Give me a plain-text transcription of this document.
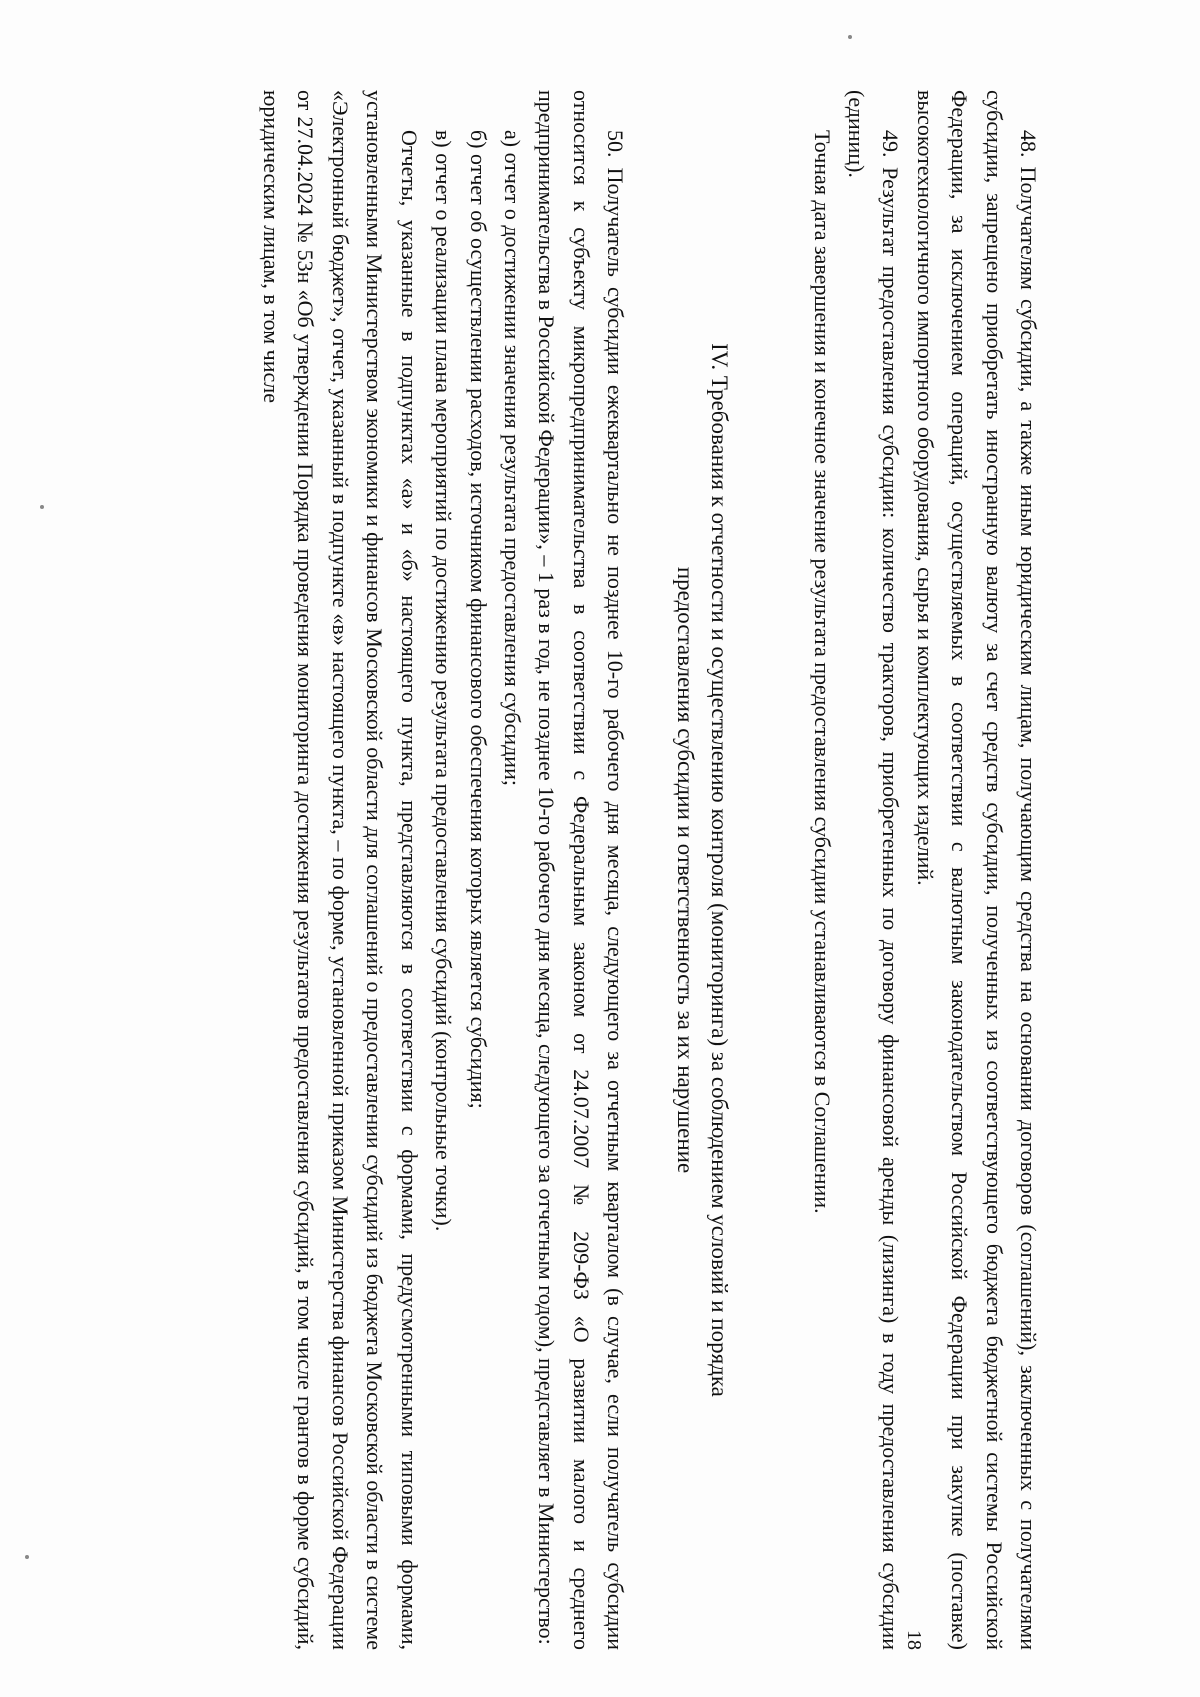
18	48. Получателям субсидии, а также иным юридическим лицам, получающим средства на основании договоров (соглашений), заключенных с получателями субсидии, запрещено приобретать иностранную валюту за счет средств субсидии, полученных из соответствующего бюджета бюджетной системы Российской Федерации, за исключением операций, осуществляемых в соответствии с валютным законодательством Российской Федерации при закупке (поставке) высокотехнологичного импортного оборудования, сырья и комплектующих изделий.

49. Результат предоставления субсидии: количество тракторов, приобретенных по договору финансовой аренды (лизинга) в году предоставления субсидии (единиц).

Точная дата завершения и конечное значение результата предоставления субсидии устанавливаются в Соглашении.

IV. Требования к отчетности и осуществлению контроля (мониторинга) за соблюдением условий и порядка

предоставления субсидии и ответственность за их нарушение

50. Получатель субсидии ежеквартально не позднее 10-го рабочего дня месяца, следующего за отчетным кварталом (в случае, если получатель субсидии относится к субъекту микропредпринимательства в соответствии с Федеральным законом от 24.07.2007 № 209-ФЗ «О развитии малого и среднего предпринимательства в Российской Федерации», – 1 раз в год, не позднее 10-го рабочего дня месяца, следующего за отчетным годом), представляет в Министерство:

а) отчет о достижении значения результата предоставления субсидии;

б) отчет об осуществлении расходов, источником финансового обеспечения которых является субсидия;

в) отчет о реализации плана мероприятий по достижению результата предоставления субсидий (контрольные точки).

Отчеты, указанные в подпунктах «а» и «б» настоящего пункта, представляются в соответствии с формами, предусмотренными типовыми формами, установленными Министерством экономики и финансов Московской области для соглашений о предоставлении субсидий из бюджета Московской области в системе «Электронный бюджет», отчет, указанный в подпункте «в» настоящего пункта, – по форме, установленной приказом Министерства финансов Российской Федерации от 27.04.2024 № 53н «Об утверждении Порядка проведения мониторинга достижения результатов предоставления субсидий, в том числе грантов в форме субсидий, юридическим лицам, в том числе
